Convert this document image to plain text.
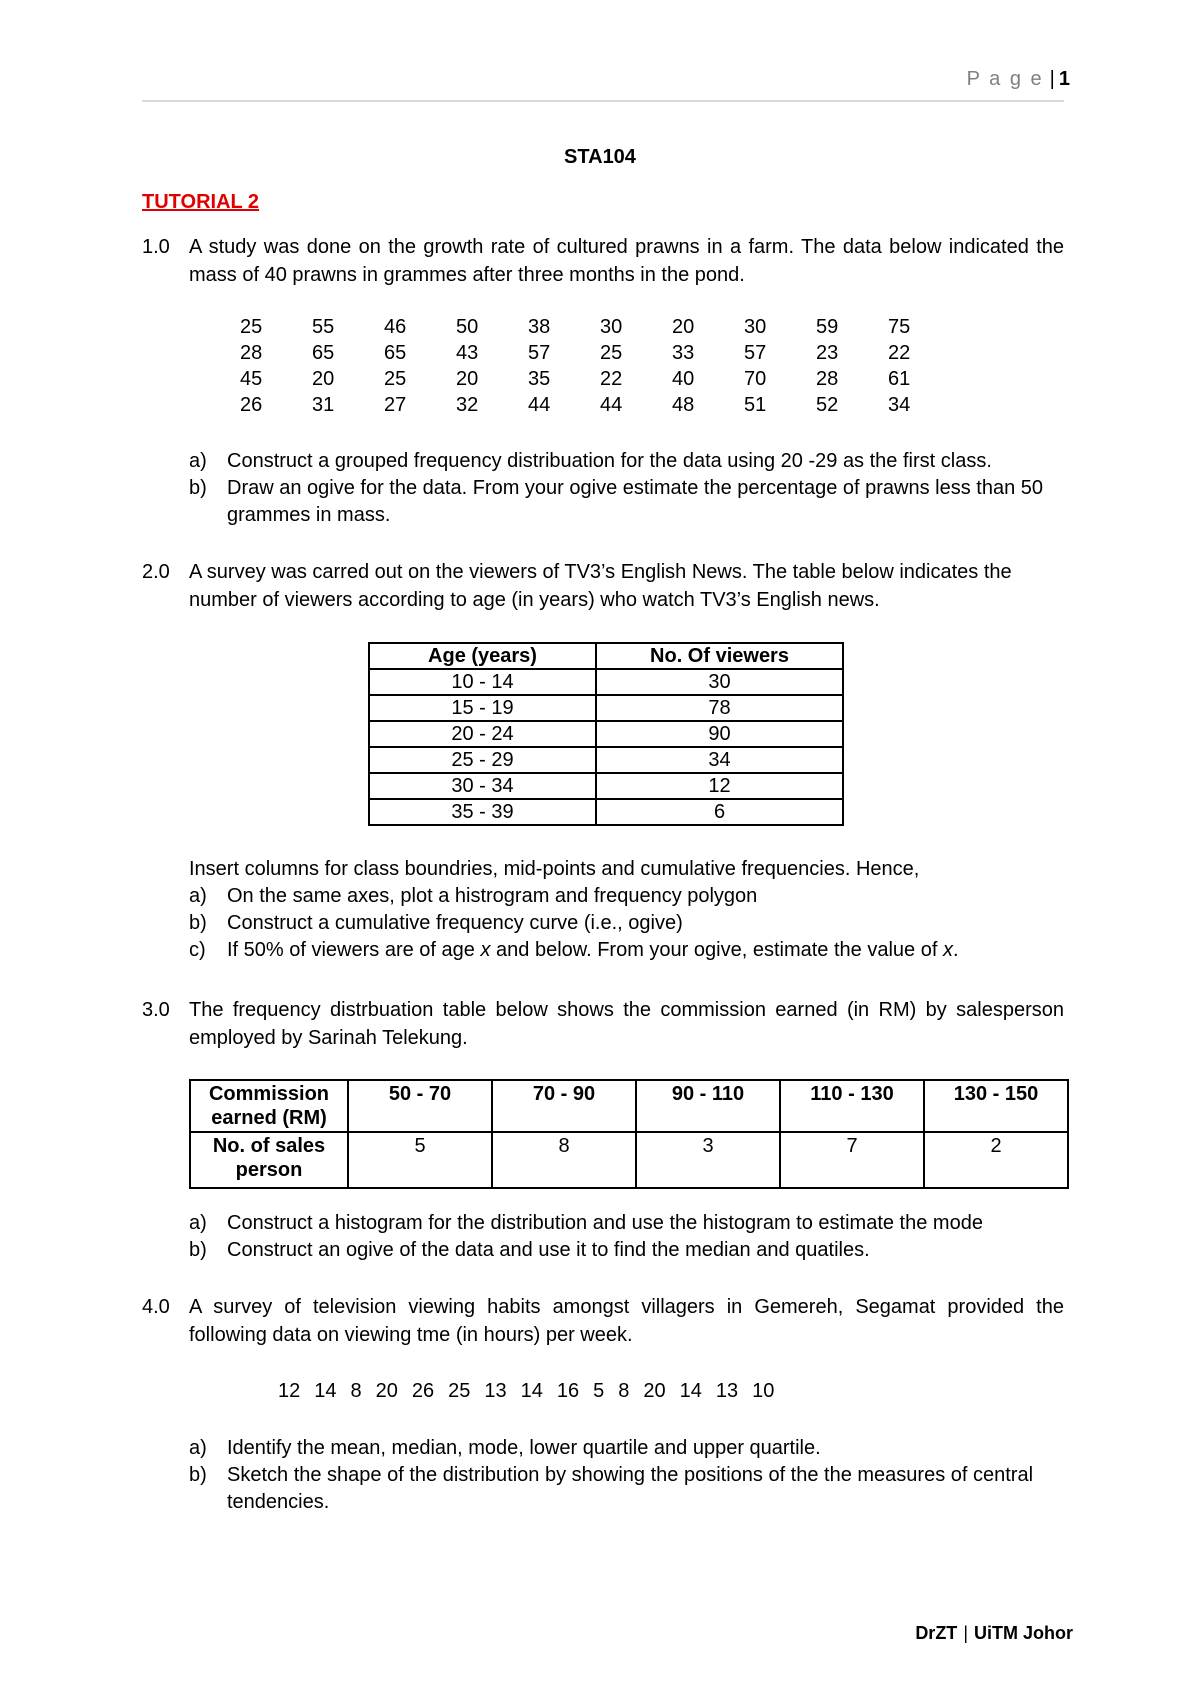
P a g e | 1
STA104
TUTORIAL 2
1.0 A study was done on the growth rate of cultured prawns in a farm. The data below indicated the mass of 40 prawns in grammes after three months in the pond.
25	55	46	50	38	30	20	30	59	75
28	65	65	43	57	25	33	57	23	22
45	20	25	20	35	22	40	70	28	61
26	31	27	32	44	44	48	51	52	34
a) Construct a grouped frequency distribuation for the data using 20 -29 as the first class.
b) Draw an ogive for the data. From your ogive estimate the percentage of prawns less than 50 grammes in mass.
2.0 A survey was carred out on the viewers of TV3’s English News. The table below indicates the number of viewers according to age (in years) who watch TV3’s English news.
Age (years)	No. Of viewers
10 - 14	30
15 - 19	78
20 - 24	90
25 - 29	34
30 - 34	12
35 - 39	6
Insert columns for class boundries, mid-points and cumulative frequencies. Hence,
a) On the same axes, plot a histrogram and frequency polygon
b) Construct a cumulative frequency curve (i.e., ogive)
c) If 50% of viewers are of age x and below. From your ogive, estimate the value of x.
3.0 The frequency distrbuation table below shows the commission earned (in RM) by salesperson employed by Sarinah Telekung.
Commission earned (RM)	50 - 70	70 - 90	90 - 110	110 - 130	130 - 150
No. of sales person	5	8	3	7	2
a) Construct a histogram for the distribution and use the histogram to estimate the mode
b) Construct an ogive of the data and use it to find the median and quatiles.
4.0 A survey of television viewing habits amongst villagers in Gemereh, Segamat provided the following data on viewing tme (in hours) per week.
12 14 8 20 26 25 13 14 16 5 8 20 14 13 10
a) Identify the mean, median, mode, lower quartile and upper quartile.
b) Sketch the shape of the distribution by showing the positions of the the measures of central tendencies.
DrZT | UiTM Johor
